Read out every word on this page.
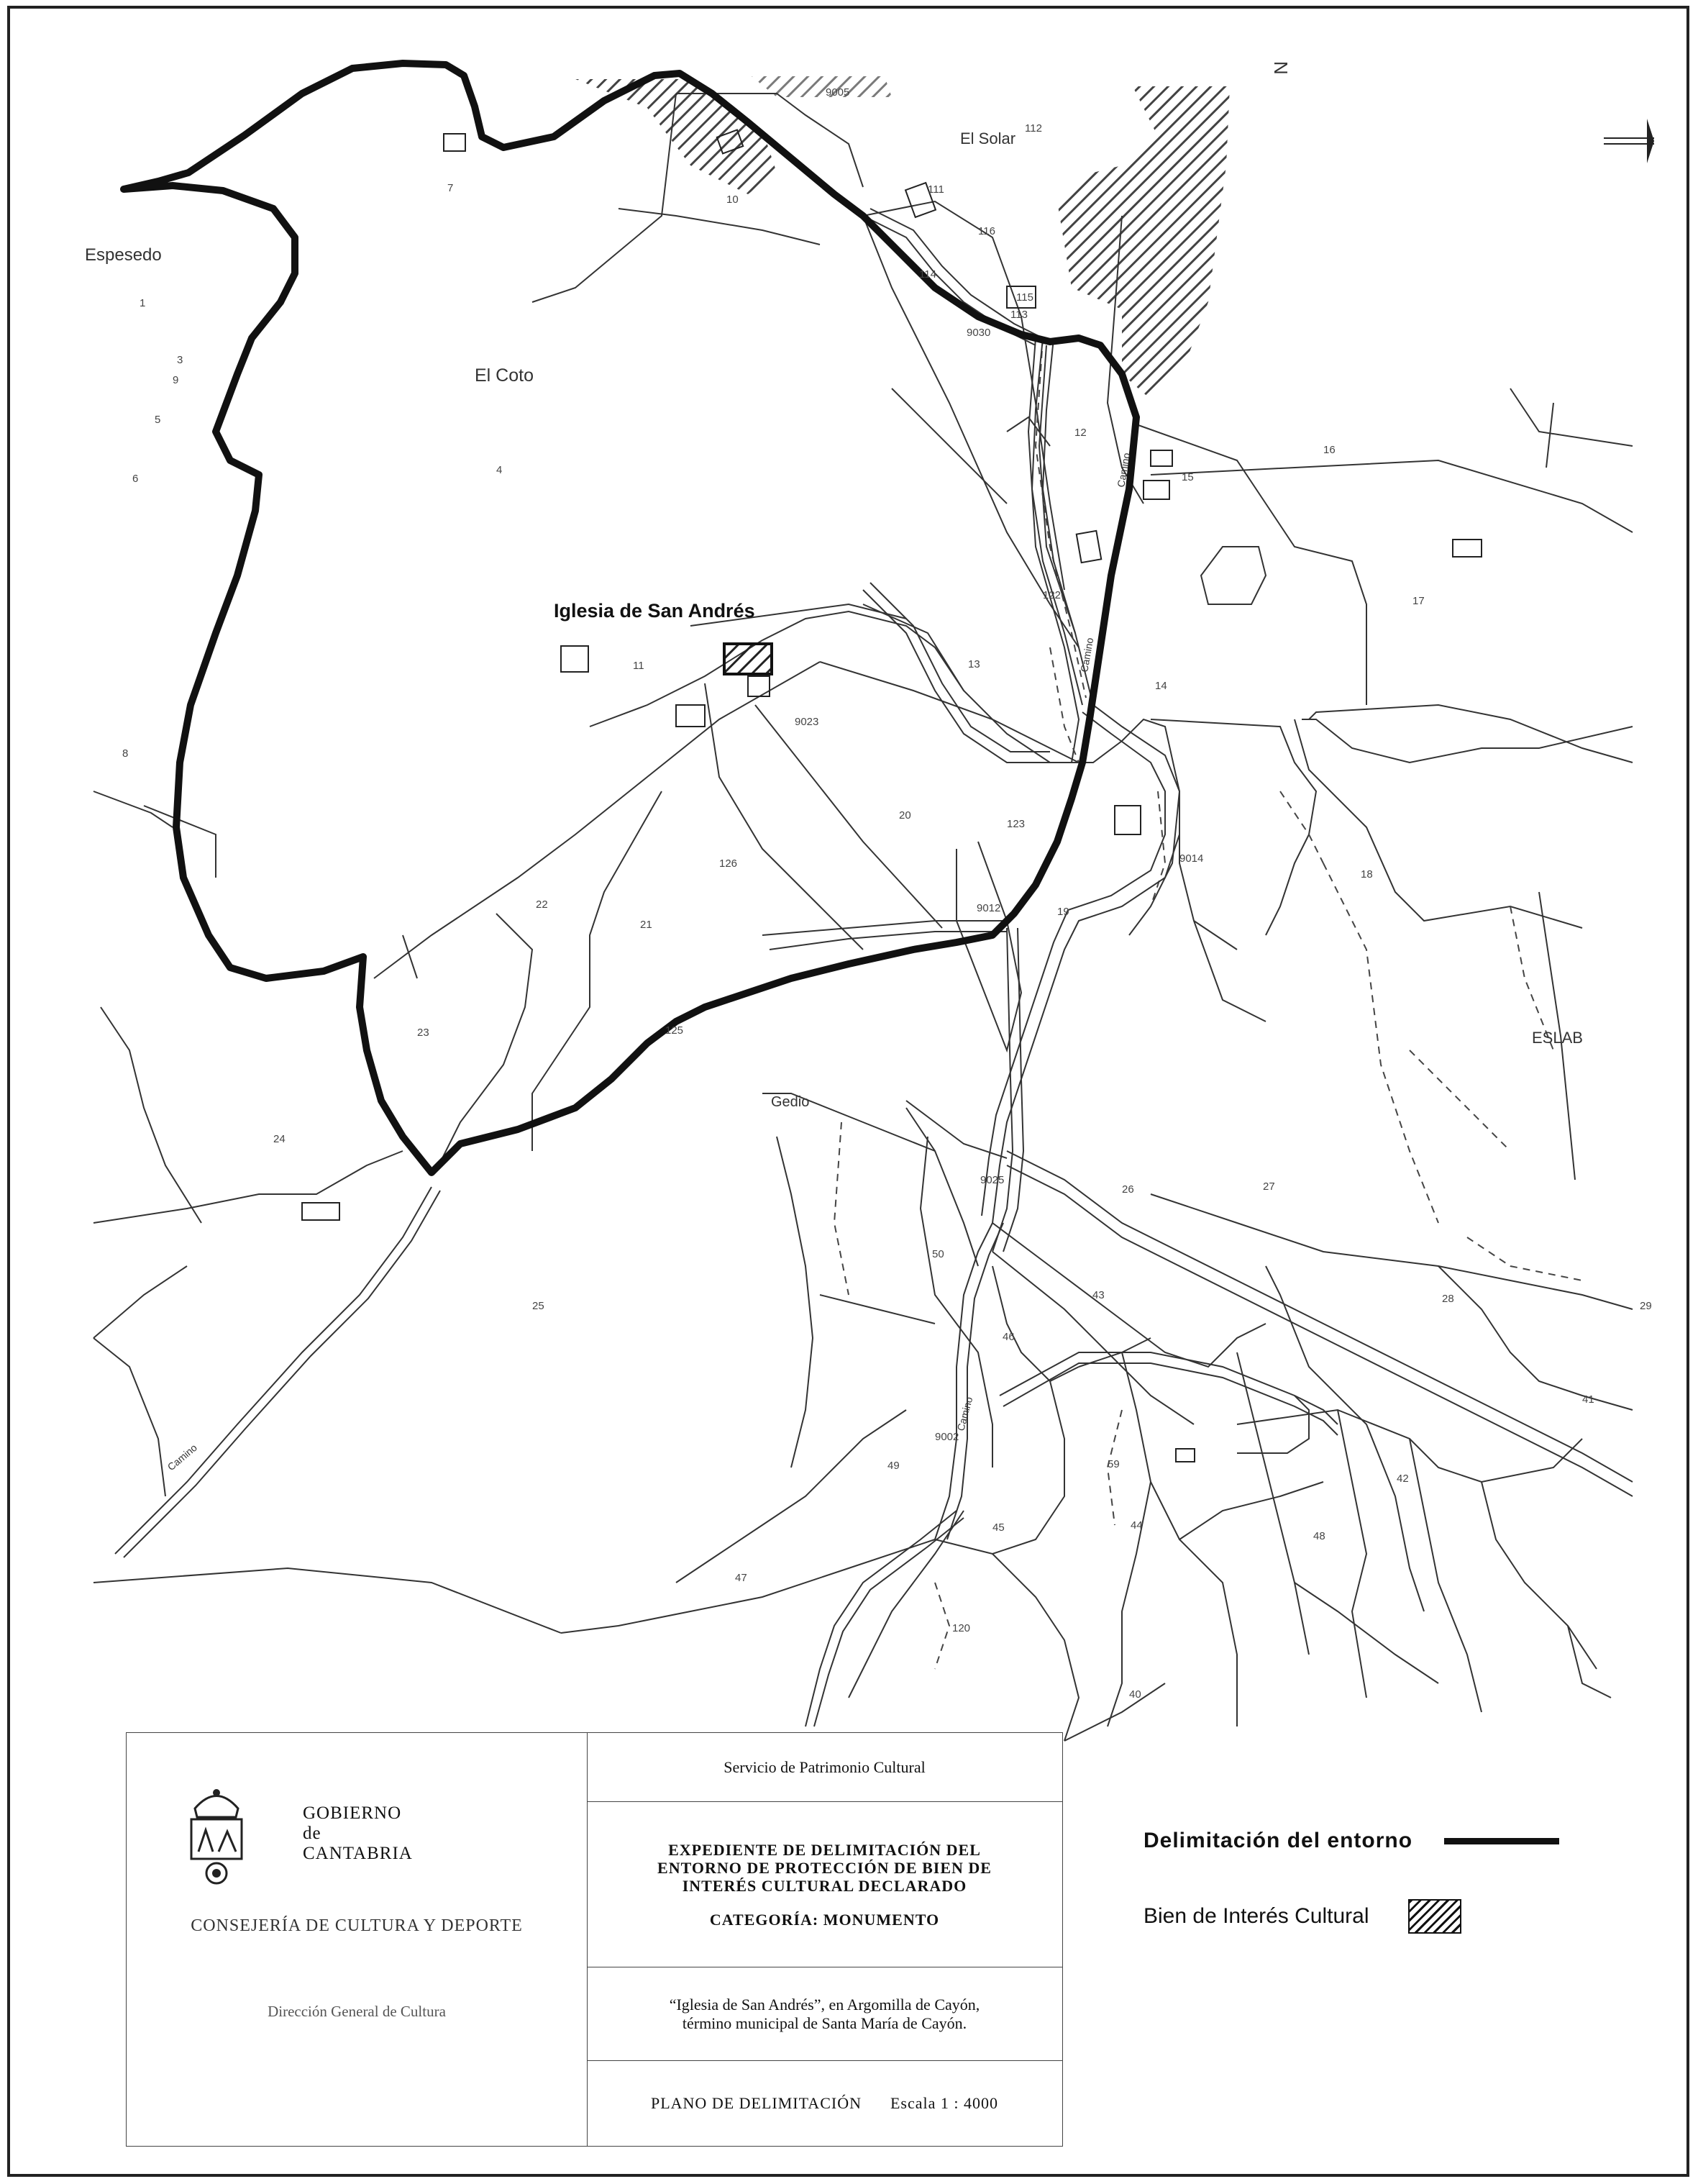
N
El Solar
Espesedo
El Coto
Gedio
ESLAB
Camino
Camino
Camino
Camino
Iglesia de San Andrés
9005
10
112
111
116
114
115
113
9030
1
3
4
5
6
7
8
9
11
12
13
14
15
16
17
18
19
20
21
22
23
24
25
26	27
28
29
40
41
42
43
44
45
46
47
48
49
50
59
120
122
123
125
126
9023
9012
9014
9025
9002
GOBIERNO
de
CANTABRIA
CONSEJERÍA DE CULTURA Y DEPORTE
Dirección General de Cultura
Servicio de Patrimonio Cultural
EXPEDIENTE DE DELIMITACIÓN DEL
ENTORNO DE PROTECCIÓN DE BIEN DE
INTERÉS CULTURAL DECLARADO
CATEGORÍA: MONUMENTO
“Iglesia de San Andrés”, en Argomilla de Cayón,
término municipal de Santa María de Cayón.
PLANO DE DELIMITACIÓN Escala 1 : 4000
Delimitación del entorno
Bien de Interés Cultural
